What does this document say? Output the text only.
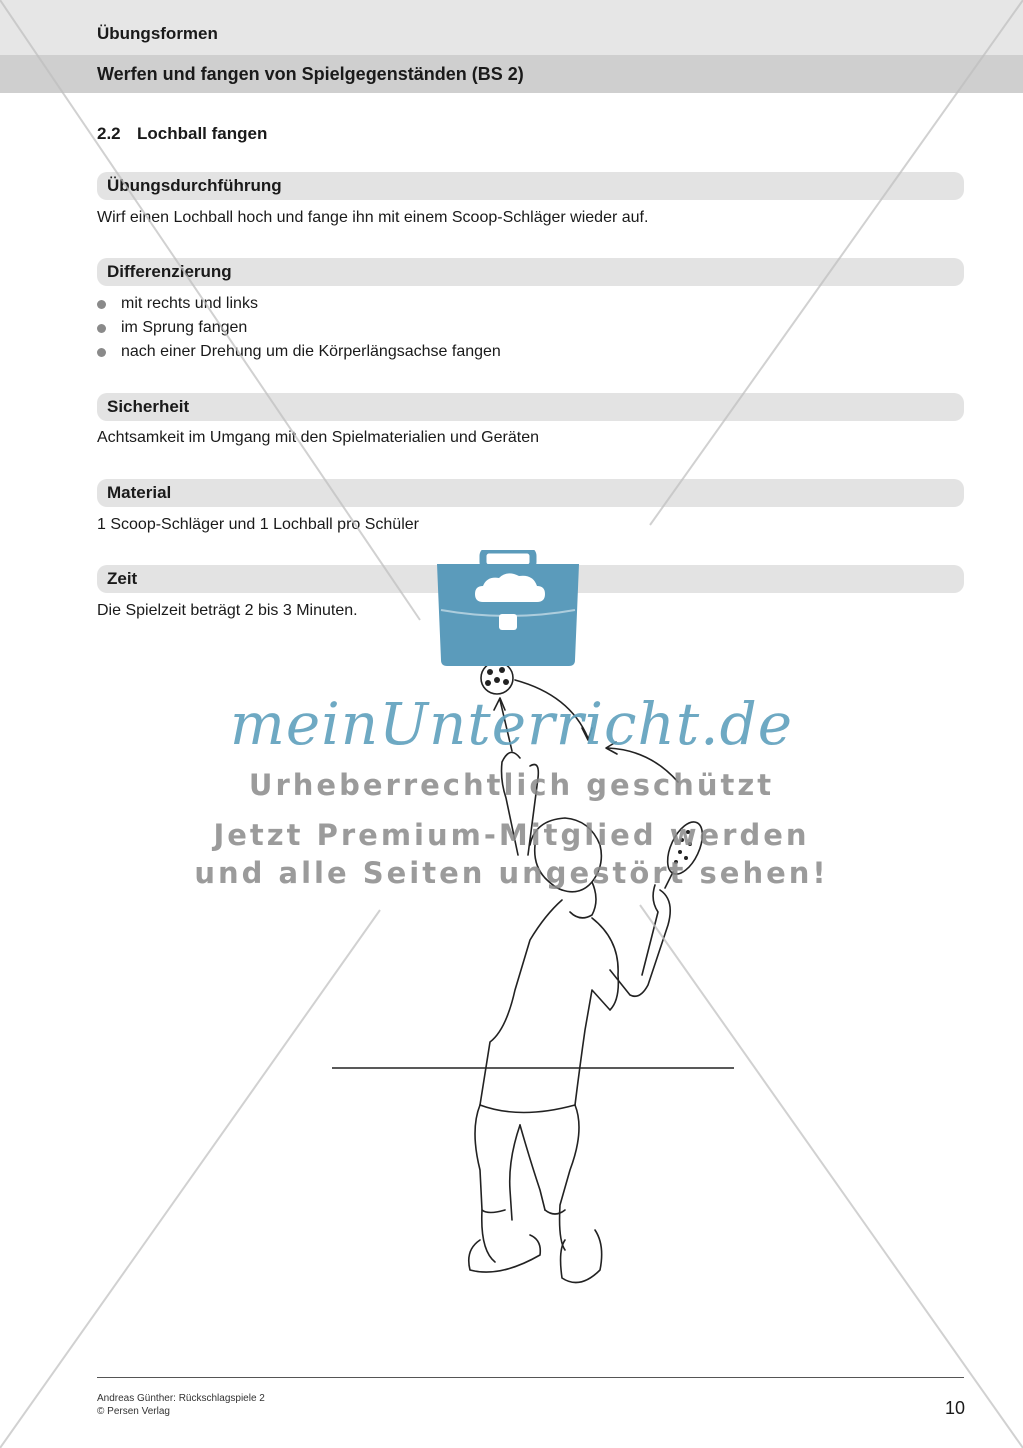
Übungsformen
Werfen und fangen von Spielgegenständen (BS 2)
2.2 Lochball fangen
Übungsdurchführung
Wirf einen Lochball hoch und fange ihn mit einem Scoop-Schläger wieder auf.
Differenzierung
mit rechts und links
im Sprung fangen
nach einer Drehung um die Körperlängsachse fangen
Sicherheit
Achtsamkeit im Umgang mit den Spielmaterialien und Geräten
Material
1 Scoop-Schläger und 1 Lochball pro Schüler
Zeit
Die Spielzeit beträgt 2 bis 3 Minuten.
meinUnterricht.de
Urheberrechtlich geschützt
Jetzt Premium-Mitglied werden
und alle Seiten ungestört sehen!
Andreas Günther: Rückschlagspiele 2
© Persen Verlag	10
